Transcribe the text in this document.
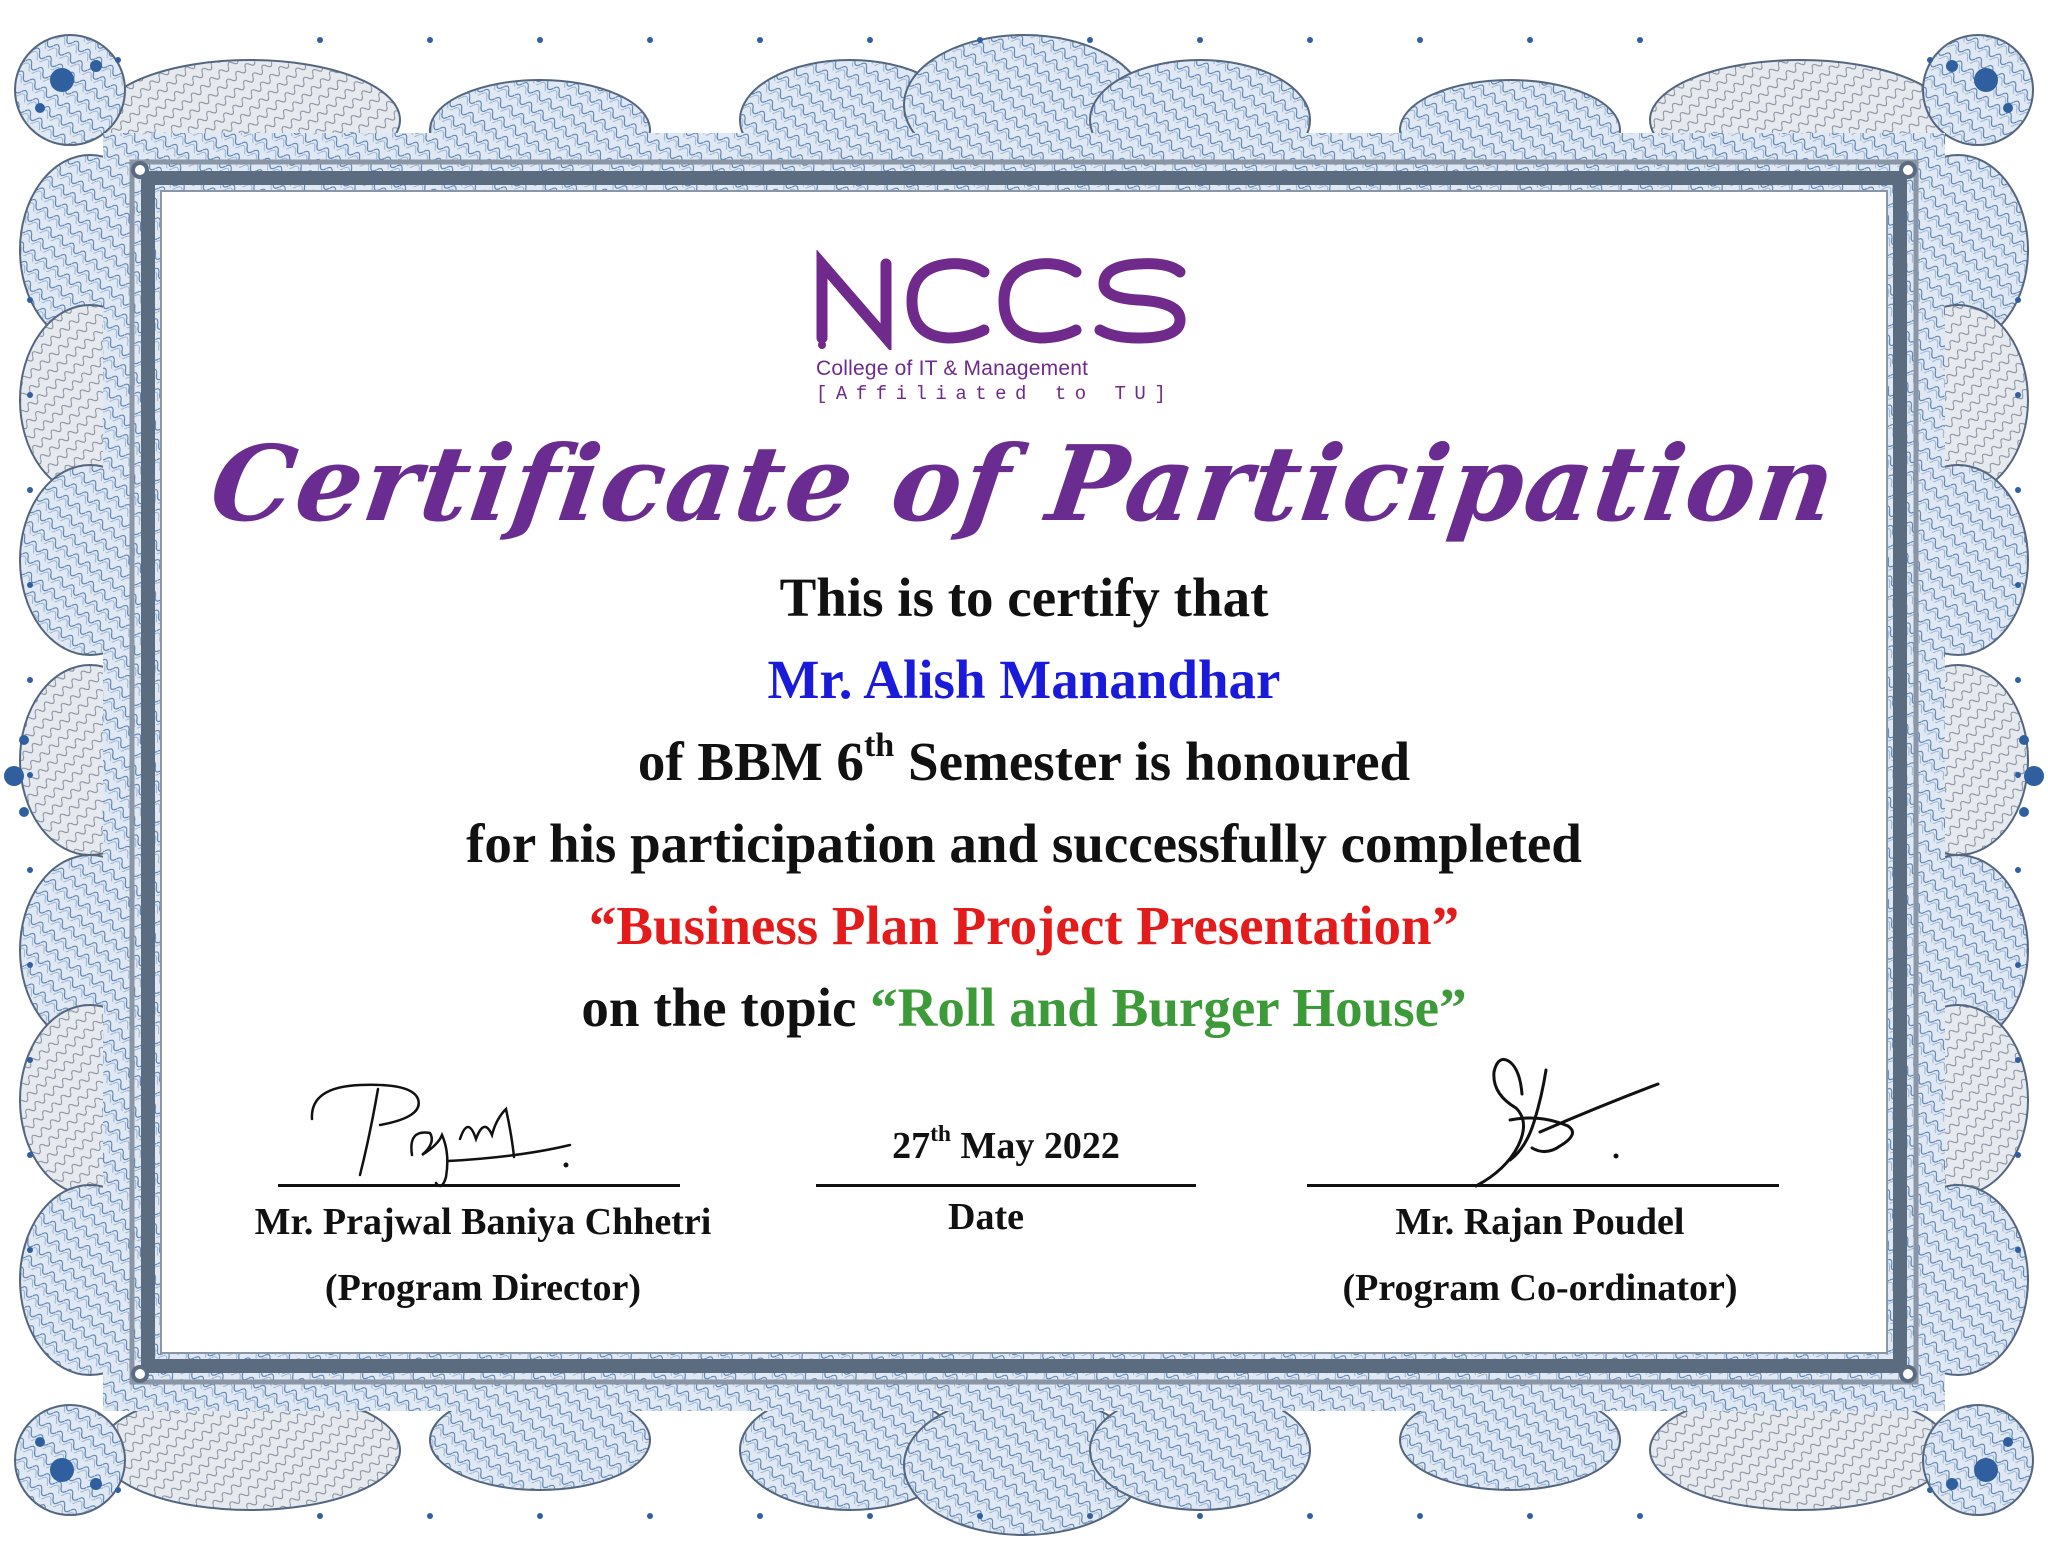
College of IT & Management
[Affiliated to TU]
Certificate of Participation
This is to certify that
Mr. Alish Manandhar
of BBM 6th Semester is honoured
for his participation and successfully completed
“Business Plan Project Presentation”
on the topic “Roll and Burger House”
Mr. Prajwal Baniya Chhetri
(Program Director)
27th May 2022
Date	Mr. Rajan Poudel
(Program Co-ordinator)
